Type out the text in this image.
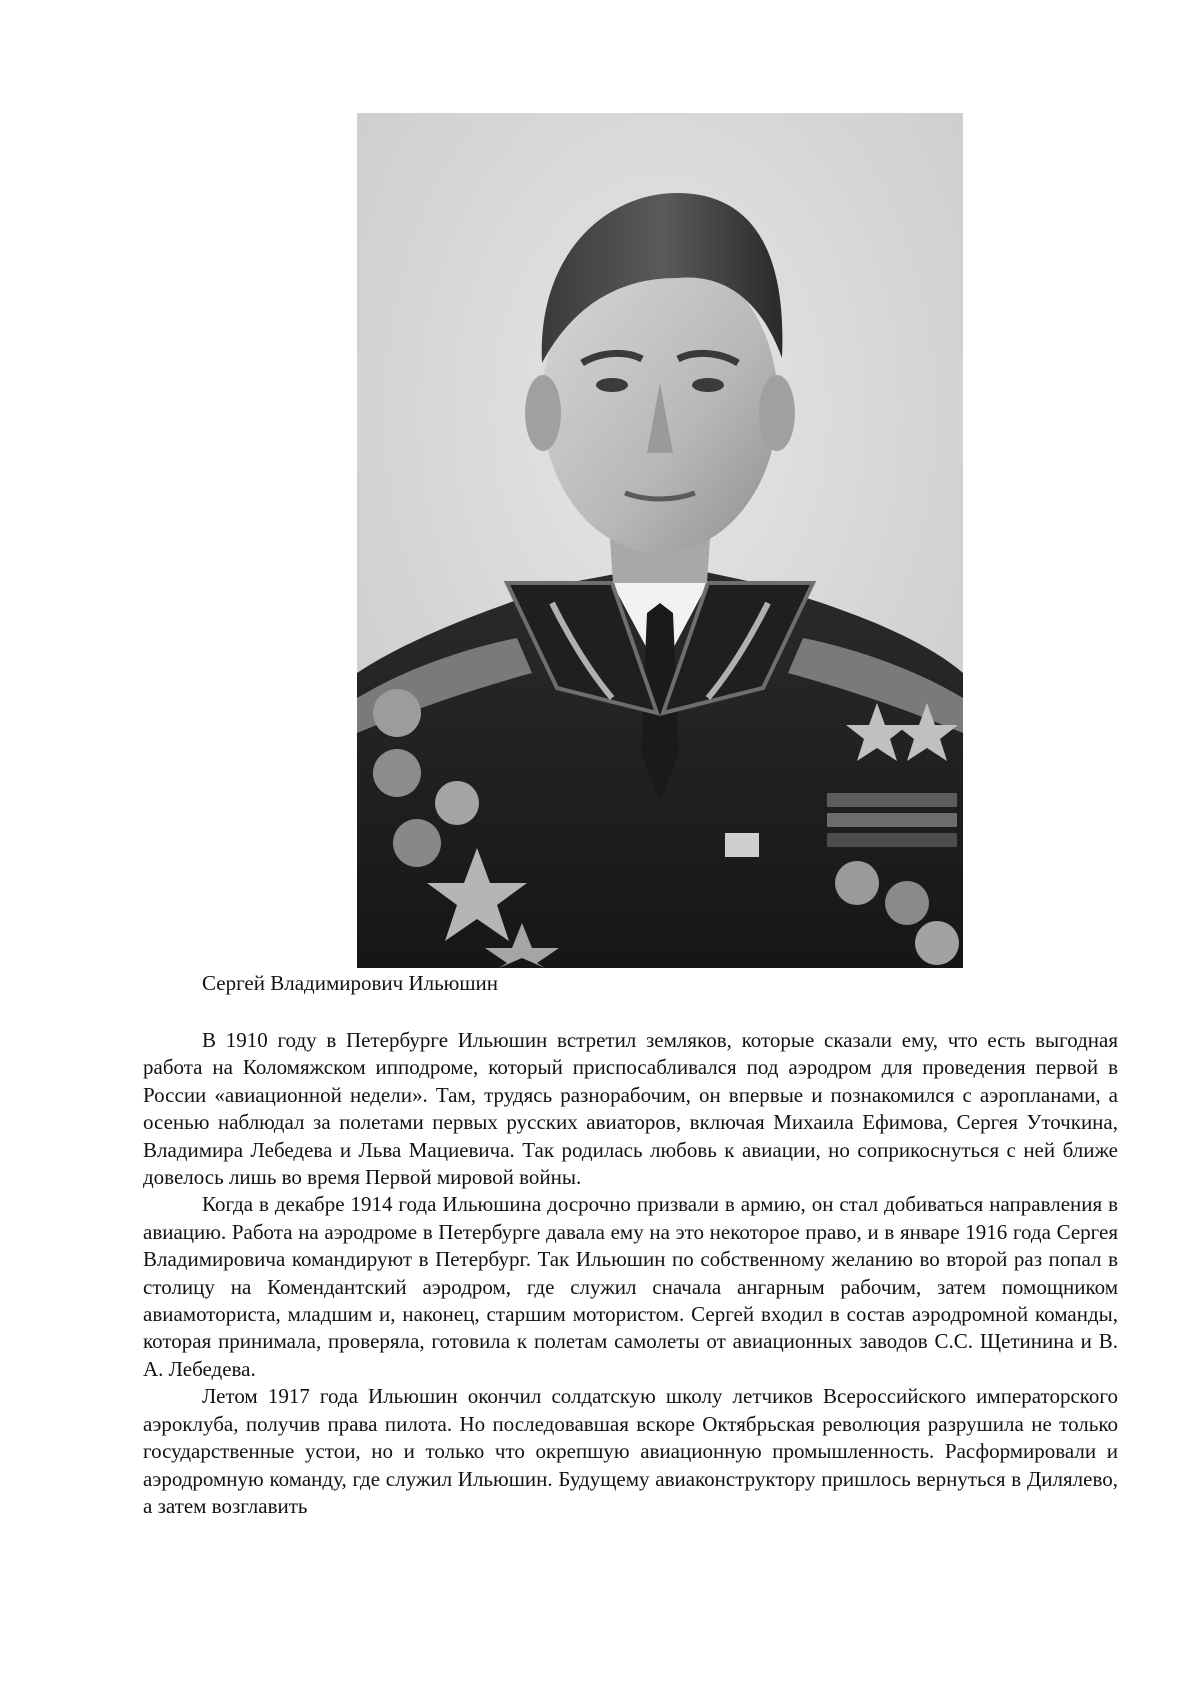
Сергей Владимирович Ильюшин

В 1910 году в Петербурге Ильюшин встретил земляков, которые сказали ему, что есть выгодная работа на Коломяжском ипподроме, который приспосабливался под аэродром для проведения первой в России «авиационной недели». Там, трудясь разнорабочим, он впервые и познакомился с аэропланами, а осенью наблюдал за полетами первых русских авиаторов, включая Михаила Ефимова, Сергея Уточкина, Владимира Лебедева и Льва Мациевича. Так родилась любовь к авиации, но соприкоснуться с ней ближе довелось лишь во время Первой мировой войны.

Когда в декабре 1914 года Ильюшина досрочно призвали в армию, он стал добиваться направления в авиацию. Работа на аэродроме в Петербурге давала ему на это некоторое право, и в январе 1916 года Сергея Владимировича командируют в Петербург. Так Ильюшин по собственному желанию во второй раз попал в столицу на Комендантский аэродром, где служил сначала ангарным рабочим, затем помощником авиамоториста, младшим и, наконец, старшим мотористом. Сергей входил в состав аэродромной команды, которая принимала, проверяла, готовила к полетам самолеты от авиационных заводов С.С. Щетинина и В. А. Лебедева.

Летом 1917 года Ильюшин окончил солдатскую школу летчиков Всероссийского императорского аэроклуба, получив права пилота. Но последовавшая вскоре Октябрьская революция разрушила не только государственные устои, но и только что окрепшую авиационную промышленность. Расформировали и аэродромную команду, где служил Ильюшин. Будущему авиаконструктору пришлось вернуться в Дилялево, а затем возглавить
